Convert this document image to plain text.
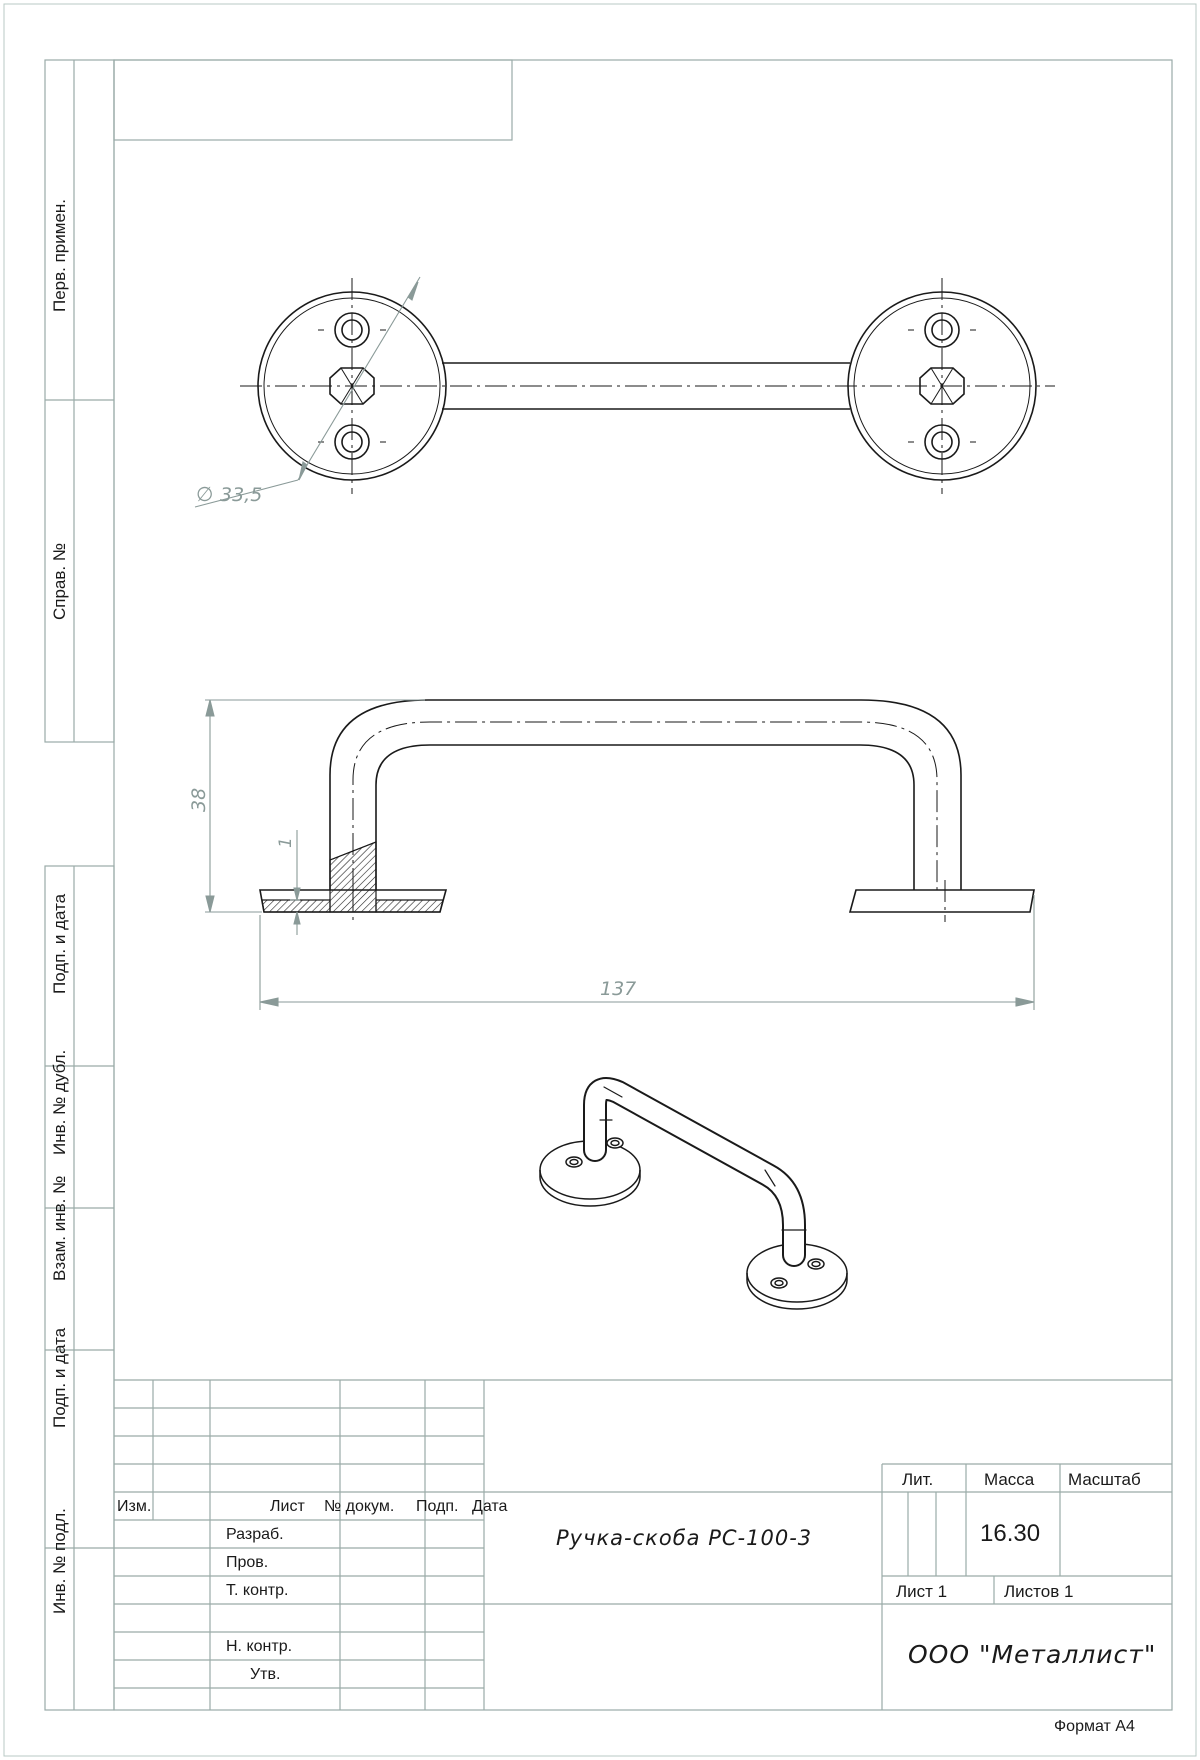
∅ 33,5
38
1
137
Перв. примен.
Справ. №
Подп. и дата
Инв. № дубл.
Взам. инв. №
Подп. и дата
Инв. № подл.
Изм.	Лист № докум. Подп. Дата
Разраб.
Пров.
Т. контр.
Н. контр.
Утв.
Ручка-скоба РС-100-3
Лит.	Масса Масштаб
16.30
Лист 1	Листов 1
ООО "Металлист"
Формат А4
